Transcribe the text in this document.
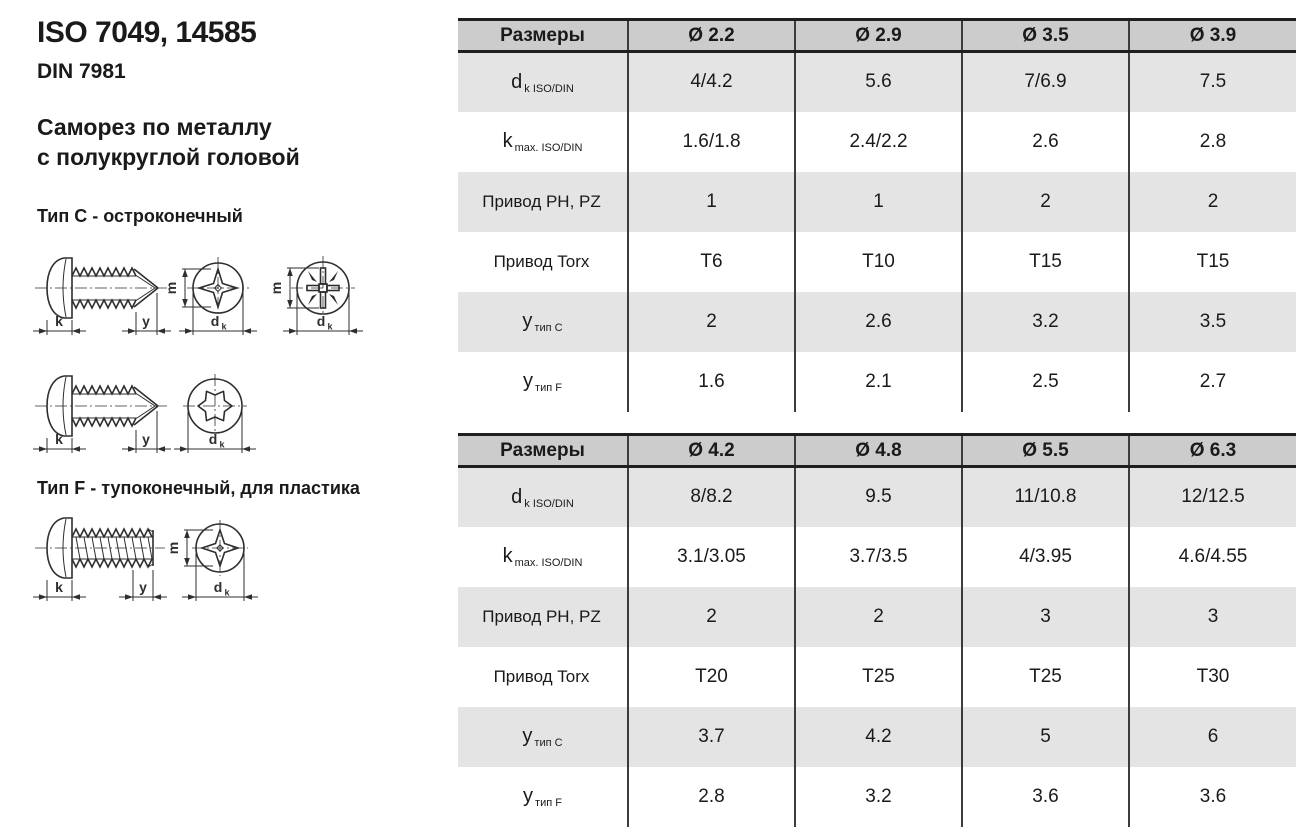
ISO 7049, 14585
DIN 7981
Саморез по металлу
с полукруглой головой
Тип C - остроконечный
Тип F - тупоконечный, для пластика
k	y
m
d k
m
d k
k	y	d k
k	y
m
d k
Размеры	Ø 2.2	Ø 2.9	Ø 3.5	Ø 3.9
d $_{k ISO/DIN}$	4/4.2	5.6	7/6.9	7.5
k $_{max. ISO/DIN}$	1.6/1.8	2.4/2.2	2.6	2.8
Привод PH, PZ	1	1	2	2
Привод Torx	T6	T10	T15	T15
у $_{тип C}$	2	2.6	3.2	3.5
у $_{тип F}$	1.6	2.1	2.5	2.7
Размеры	Ø 4.2	Ø 4.8	Ø 5.5	Ø 6.3
d $_{k ISO/DIN}$	8/8.2	9.5	11/10.8	12/12.5
k $_{max. ISO/DIN}$	3.1/3.05	3.7/3.5	4/3.95	4.6/4.55
Привод PH, PZ	2	2	3	3
Привод Torx	T20	T25	T25	T30
у $_{тип C}$	3.7	4.2	5	6
у $_{тип F}$	2.8	3.2	3.6	3.6
